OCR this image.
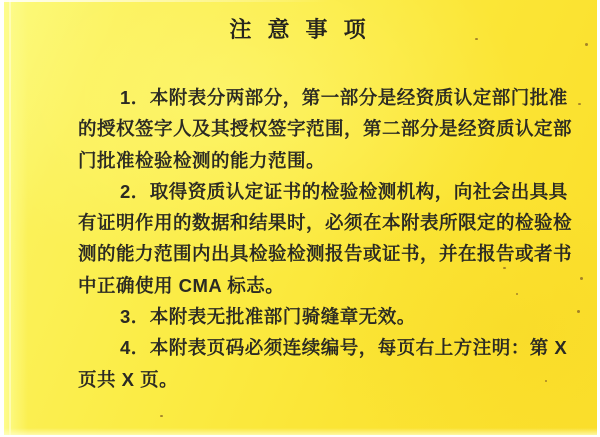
注 意 事 项

1．本附表分两部分，第一部分是经资质认定部门批准

的授权签字人及其授权签字范围，第二部分是经资质认定部

门批准检验检测的能力范围。

2．取得资质认定证书的检验检测机构，向社会出具具

有证明作用的数据和结果时，必须在本附表所限定的检验检

测的能力范围内出具检验检测报告或证书，并在报告或者书

中正确使用 CMA 标志。

3．本附表无批准部门骑缝章无效。

4．本附表页码必须连续编号，每页右上方注明：第 X

页共 X 页。
